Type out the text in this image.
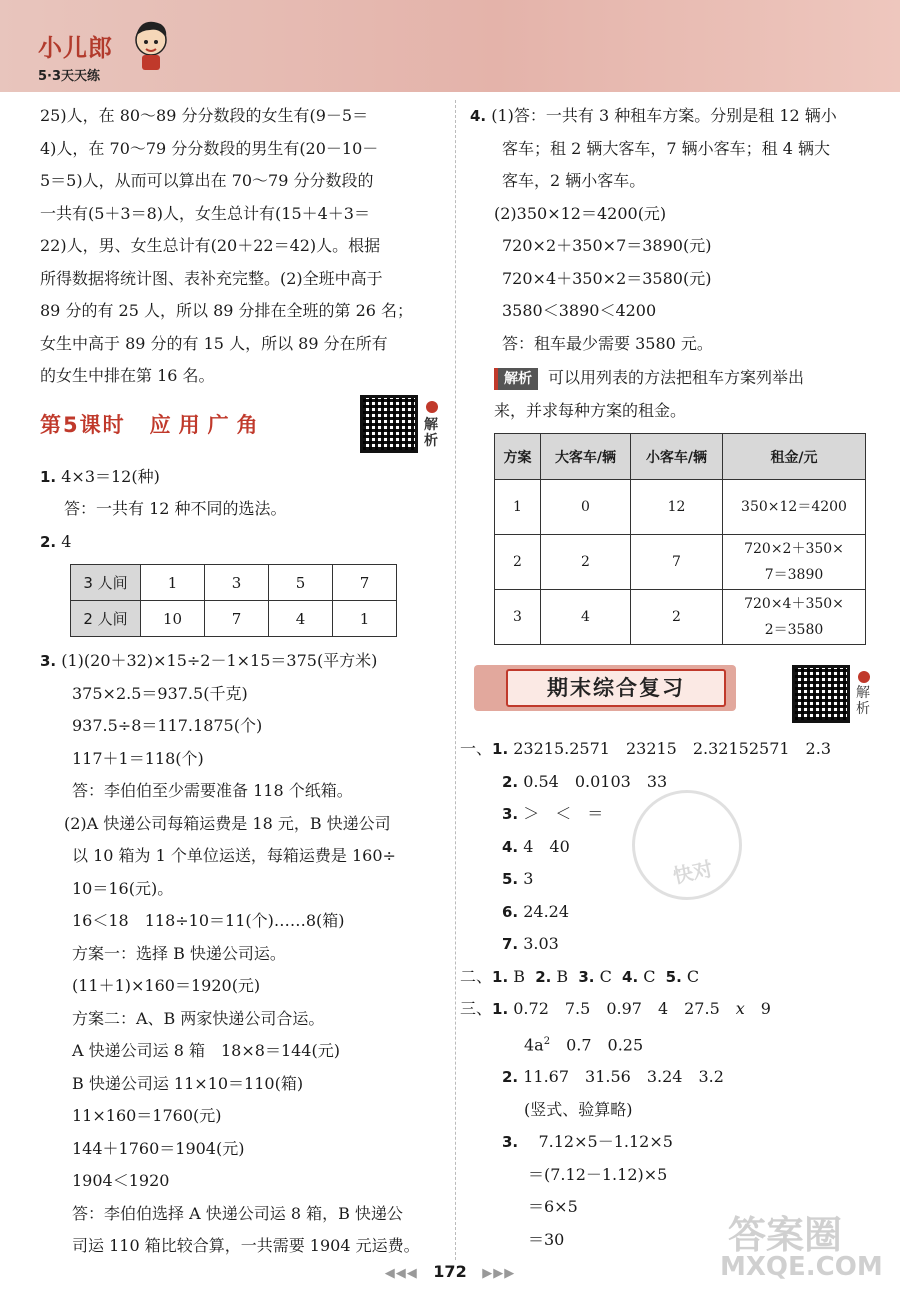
小儿郎
5·3天天练
25)人，在 80～89 分分数段的女生有(9－5＝
4)人，在 70～79 分分数段的男生有(20－10－
5＝5)人，从而可以算出在 70～79 分分数段的
一共有(5＋3＝8)人，女生总计有(15＋4＋3＝
22)人，男、女生总计有(20＋22＝42)人。根据
所得数据将统计图、表补充完整。(2)全班中高于
89 分的有 25 人，所以 89 分排在全班的第 26 名；
女生中高于 89 分的有 15 人，所以 89 分在所有
的女生中排在第 16 名。
第5课时 应用广角	解析
1. 4×3＝12(种)
答：一共有 12 种不同的选法。
2. 4
3 人间	1	3	5	7
2 人间	10	7	4	1
3. (1)(20＋32)×15÷2－1×15＝375(平方米)
375×2.5＝937.5(千克)
937.5÷8＝117.1875(个)
117＋1＝118(个)
答：李伯伯至少需要准备 118 个纸箱。
(2)A 快递公司每箱运费是 18 元，B 快递公司
以 10 箱为 1 个单位运送，每箱运费是 160÷
10＝16(元)。
16＜18　118÷10＝11(个)……8(箱)
方案一：选择 B 快递公司运。
(11＋1)×160＝1920(元)
方案二：A、B 两家快递公司合运。
A 快递公司运 8 箱　18×8＝144(元)
B 快递公司运 11×10＝110(箱)
11×160＝1760(元)
144＋1760＝1904(元)
1904＜1920
答：李伯伯选择 A 快递公司运 8 箱，B 快递公
司运 110 箱比较合算，一共需要 1904 元运费。
4. (1)答：一共有 3 种租车方案。分别是租 12 辆小
客车；租 2 辆大客车，7 辆小客车；租 4 辆大
客车，2 辆小客车。
(2)350×12＝4200(元)
720×2＋350×7＝3890(元)
720×4＋350×2＝3580(元)
3580＜3890＜4200
答：租车最少需要 3580 元。
解析 可以用列表的方法把租车方案列举出
来，并求每种方案的租金。
方案	大客车/辆	小客车/辆	租金/元
1	0	12	350×12＝4200

2	2	7	720×2＋350×
7＝3890

3	4	2	720×4＋350×
2＝3580
期末综合复习	解析
一、1. 23215.2571　23215　2.32152571　2.3
2. 0.54　0.0103　33
3. ＞　＜　＝
4. 4　40
5. 3
6. 24.24
7. 3.03
二、1. B 2. B 3. C 4. C 5. C
三、1. 0.72　7.5　0.97　4　27.5　x　9
$4a^2$　0.7　0.25
2. 11.67　31.56　3.24　3.2
(竖式、验算略)
3. 7.12×5－1.12×5
＝(7.12－1.12)×5
＝6×5
＝30
快对
答案圈
MXQE.COM
◀◀◀ 172 ▶▶▶
